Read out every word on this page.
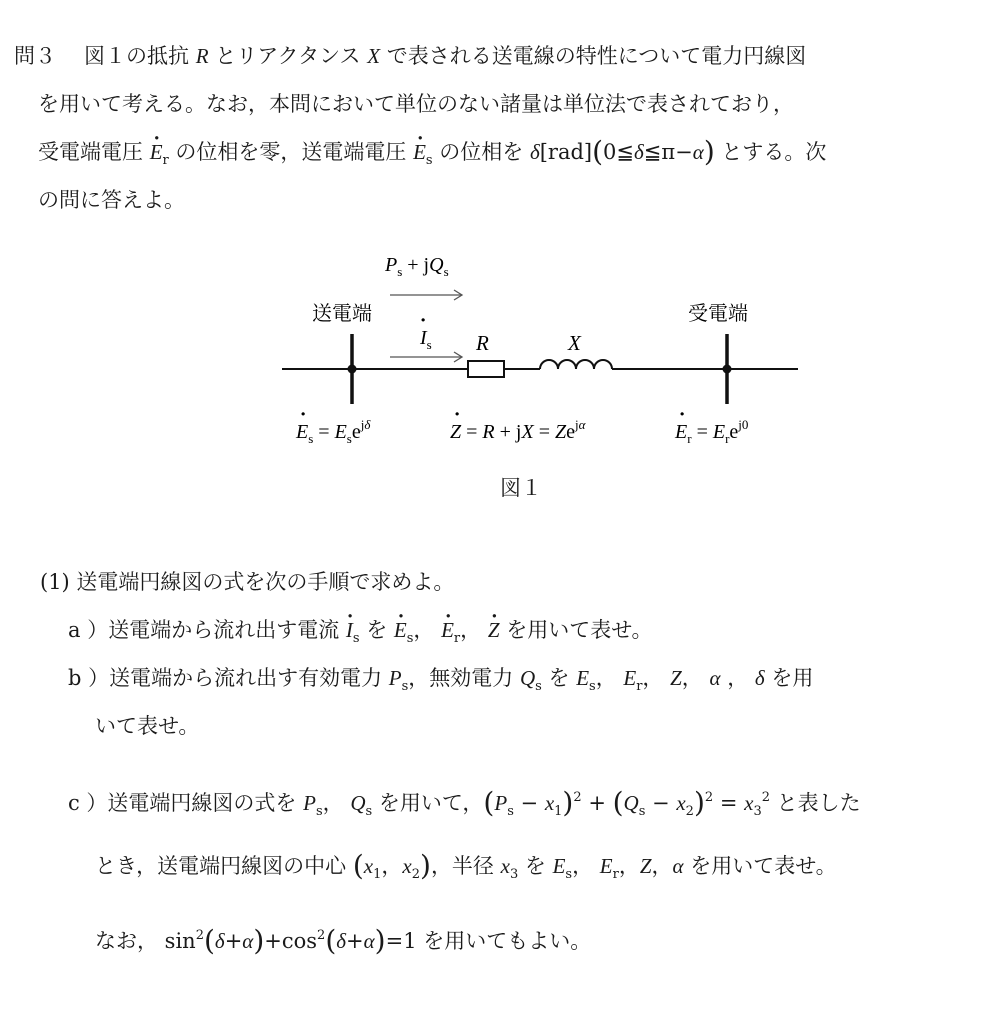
問３ 図１の抵抗 R とリアクタンス X で表される送電線の特性について電力円線図
を用いて考える。なお，本問において単位のない諸量は単位法で表されており，
受電端電圧 · $E_r$ の位相を零，送電端電圧 · $E_s$ の位相を δ[rad](0≦δ≦π−α) とする。次
の問に答えよ。
$P_s + jQ_s$
送電端	受電端
$I_s$
·
R	X
$E_s = E_se^j\delta$
·
Z = R + jX = $Ze^j\alpha$
·
$E_r = E_re^{j0}$
·
図１
(1) 送電端円線図の式を次の手順で求めよ。
a ）送電端から流れ出す電流 · $I_s$ を · $E_s$， · $E_r$， · Z を用いて表せ。
b ）送電端から流れ出す有効電力 $P_s$，無効電力 $Q_s$ を $E_s$， $E_r$， Z， α ， δ を用
いて表せ。
c ）送電端円線図の式を $P_s$， $Q_s$ を用いて，$(P_s - x_1)^2 + (Q_s - x_2)^2 = x_3^2$ と表した
とき，送電端円線図の中心 ($x_1$，$x_2$)，半径 $x_3$ を $E_s$， $E_r$，Z，α を用いて表せ。
なお， $\sin^2(\delta+\alpha)+\cos^2(\delta+\alpha)=1$ を用いてもよい。
